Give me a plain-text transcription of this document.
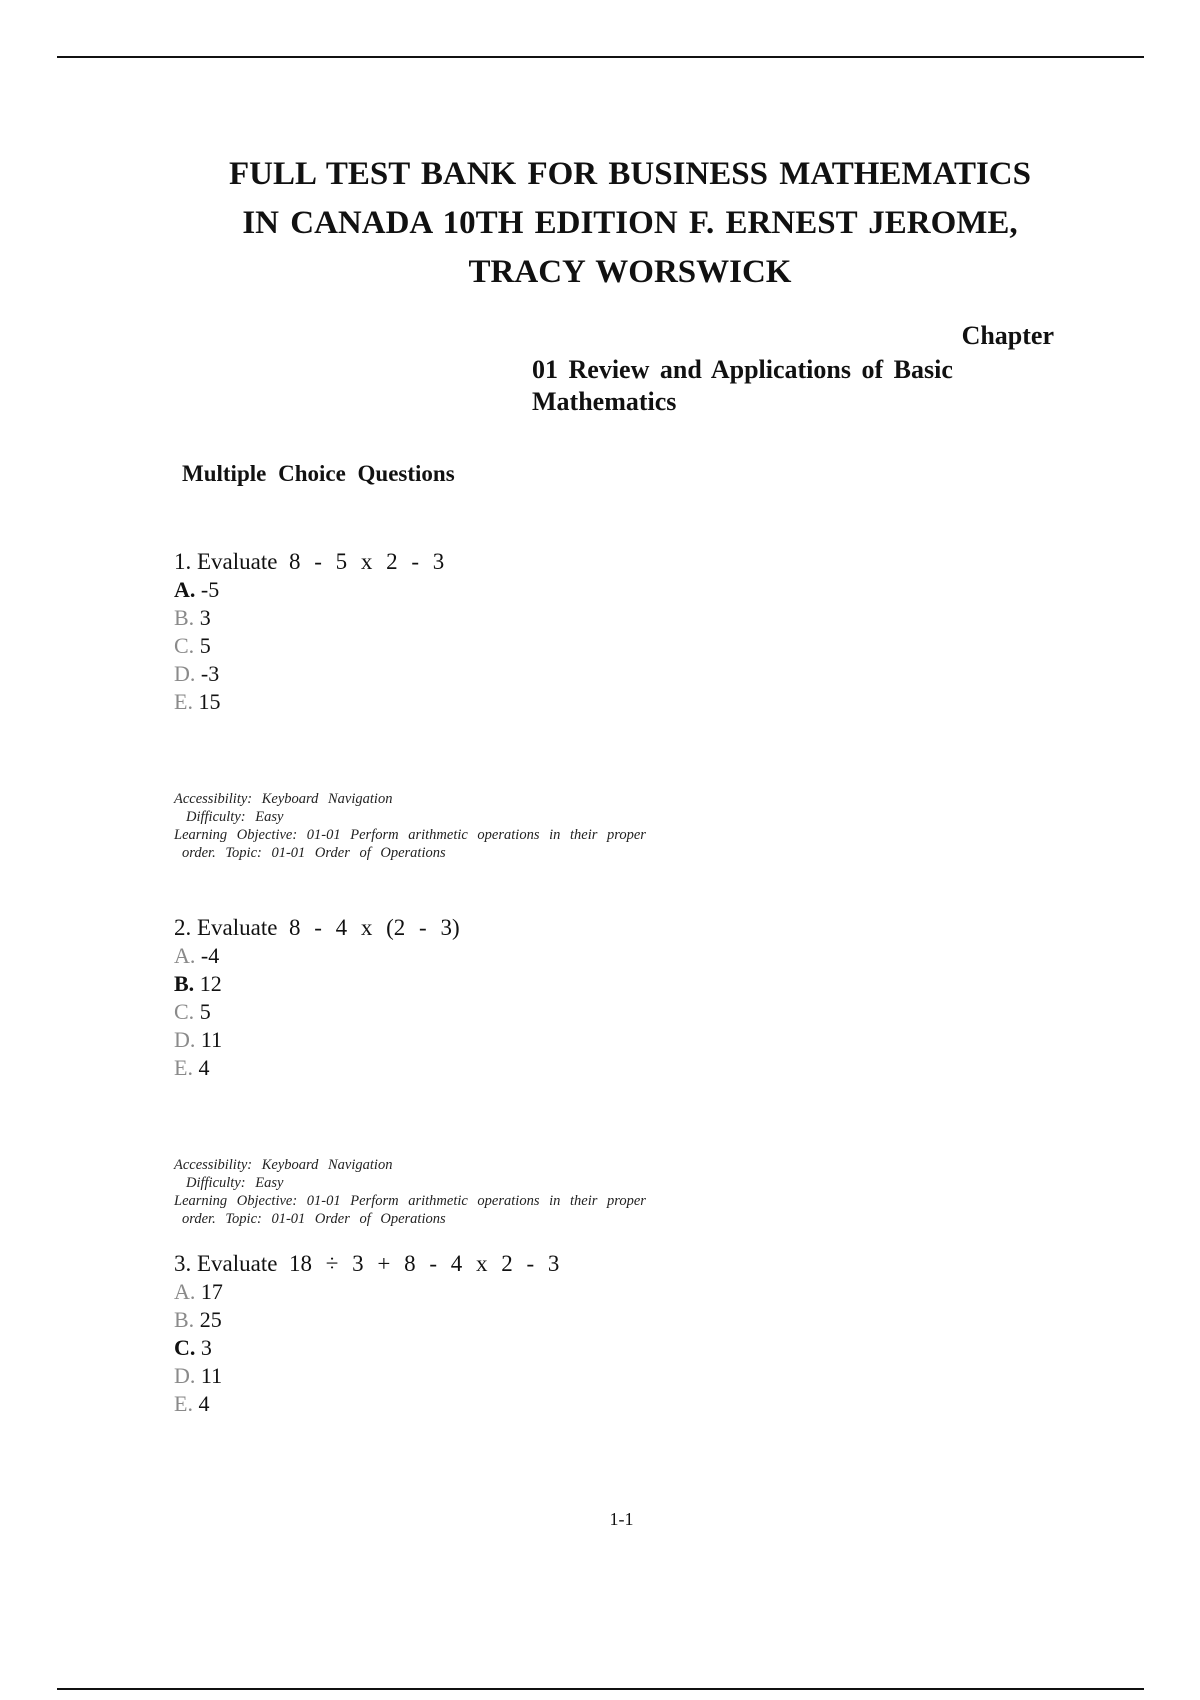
FULL TEST BANK FOR BUSINESS MATHEMATICS
IN CANADA 10TH EDITION F. ERNEST JEROME,
TRACY WORSWICK
Chapter
01 Review and Applications of Basic
Mathematics
Multiple Choice Questions

1. Evaluate 8 - 5 x 2 - 3

A. -5
B. 3
C. 5
D. -3
E. 15
Accessibility: Keyboard Navigation
Difficulty: Easy
Learning Objective: 01-01 Perform arithmetic operations in their proper
order. Topic: 01-01 Order of Operations

2. Evaluate 8 - 4 x (2 - 3)

A. -4
B. 12
C. 5
D. 11
E. 4
Accessibility: Keyboard Navigation
Difficulty: Easy
Learning Objective: 01-01 Perform arithmetic operations in their proper
order. Topic: 01-01 Order of Operations

3. Evaluate 18 ÷ 3 + 8 - 4 x 2 - 3

A. 17
B. 25
C. 3
D. 11
E. 4
1-1
